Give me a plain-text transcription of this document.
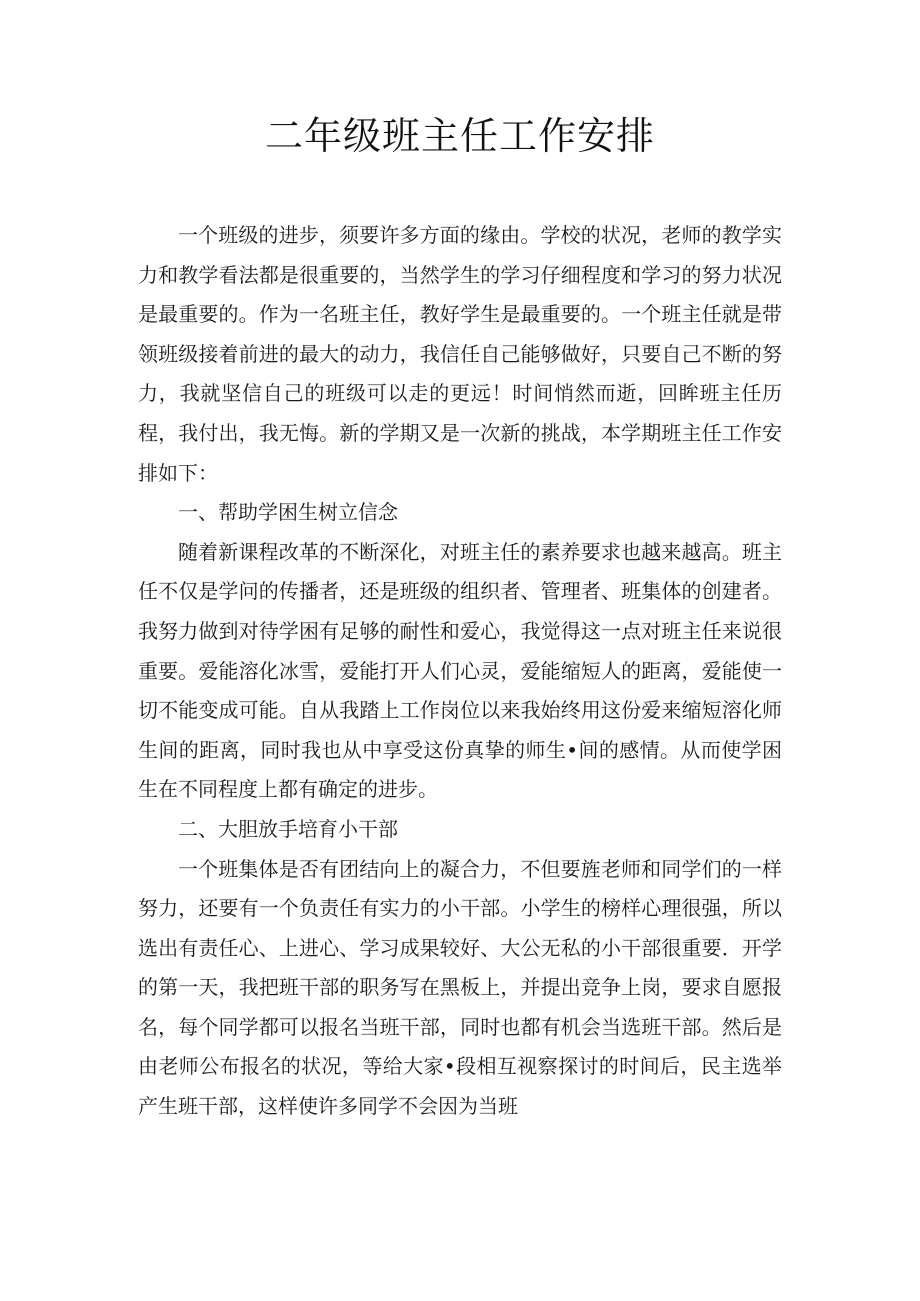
二年级班主任工作安排

一个班级的进步，须要许多方面的缘由。学校的状况，老师的教学实力和教学看法都是很重要的，当然学生的学习仔细程度和学习的努力状况是最重要的。作为一名班主任，教好学生是最重要的。一个班主任就是带领班级接着前进的最大的动力，我信任自己能够做好，只要自己不断的努力，我就坚信自己的班级可以走的更远！时间悄然而逝，回眸班主任历程，我付出，我无悔。新的学期又是一次新的挑战，本学期班主任工作安排如下：

一、帮助学困生树立信念

随着新课程改革的不断深化，对班主任的素养要求也越来越高。班主任不仅是学问的传播者，还是班级的组织者、管理者、班集体的创建者。我努力做到对待学困有足够的耐性和爱心，我觉得这一点对班主任来说很重要。爱能溶化冰雪，爱能打开人们心灵，爱能缩短人的距离，爱能使一切不能变成可能。自从我踏上工作岗位以来我始终用这份爱来缩短溶化师生间的距离，同时我也从中享受这份真挚的师生•间的感情。从而使学困生在不同程度上都有确定的进步。

二、大胆放手培育小干部

一个班集体是否有团结向上的凝合力，不但要旌老师和同学们的一样努力，还要有一个负责任有实力的小干部。小学生的榜样心理很强，所以选出有责任心、上进心、学习成果较好、大公无私的小干部很重要．开学的第一天，我把班干部的职务写在黑板上，并提出竞争上岗，要求自愿报名，每个同学都可以报名当班干部，同时也都有机会当选班干部。然后是由老师公布报名的状况，等给大家•段相互视察探讨的时间后，民主选举产生班干部，这样使许多同学不会因为当班
